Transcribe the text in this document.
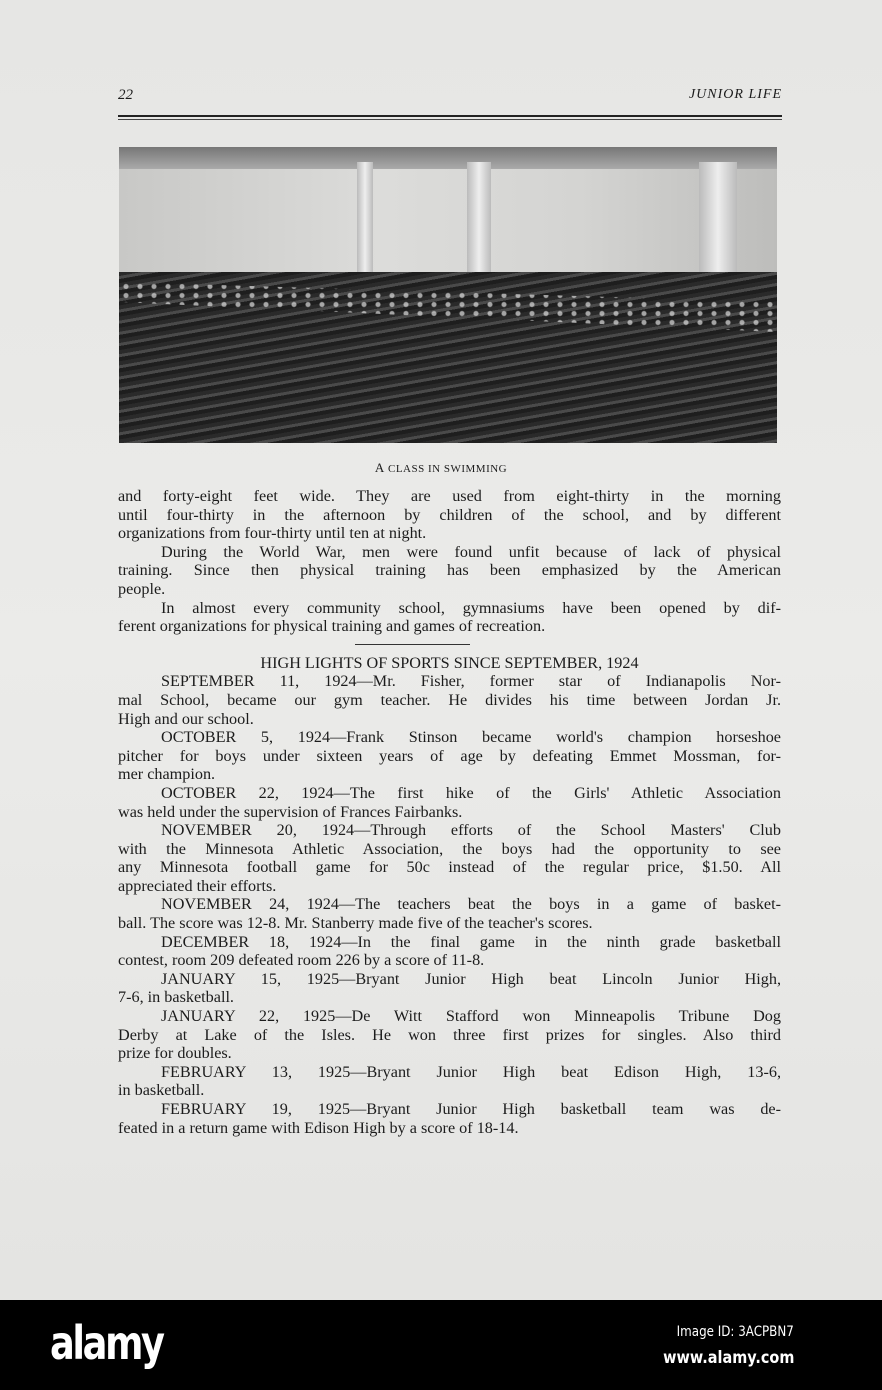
22	JUNIOR LIFE
A CLASS IN SWIMMING
and forty-eight feet wide. They are used from eight-thirty in the morning
until four-thirty in the afternoon by children of the school, and by different
organizations from four-thirty until ten at night.
During the World War, men were found unfit because of lack of physical
training. Since then physical training has been emphasized by the American
people.
In almost every community school, gymnasiums have been opened by dif-
ferent organizations for physical training and games of recreation.
HIGH LIGHTS OF SPORTS SINCE SEPTEMBER, 1924
SEPTEMBER 11, 1924—Mr. Fisher, former star of Indianapolis Nor-
mal School, became our gym teacher. He divides his time between Jordan Jr.
High and our school.
OCTOBER 5, 1924—Frank Stinson became world's champion horseshoe
pitcher for boys under sixteen years of age by defeating Emmet Mossman, for-
mer champion.
OCTOBER 22, 1924—The first hike of the Girls' Athletic Association
was held under the supervision of Frances Fairbanks.
NOVEMBER 20, 1924—Through efforts of the School Masters' Club
with the Minnesota Athletic Association, the boys had the opportunity to see
any Minnesota football game for 50c instead of the regular price, $1.50. All
appreciated their efforts.
NOVEMBER 24, 1924—The teachers beat the boys in a game of basket-
ball. The score was 12-8. Mr. Stanberry made five of the teacher's scores.
DECEMBER 18, 1924—In the final game in the ninth grade basketball
contest, room 209 defeated room 226 by a score of 11-8.
JANUARY 15, 1925—Bryant Junior High beat Lincoln Junior High,
7-6, in basketball.
JANUARY 22, 1925—De Witt Stafford won Minneapolis Tribune Dog
Derby at Lake of the Isles. He won three first prizes for singles. Also third
prize for doubles.
FEBRUARY 13, 1925—Bryant Junior High beat Edison High, 13-6,
in basketball.
FEBRUARY 19, 1925—Bryant Junior High basketball team was de-
feated in a return game with Edison High by a score of 18-14.
alamy	Image ID: 3ACPBN7
www.alamy.com
